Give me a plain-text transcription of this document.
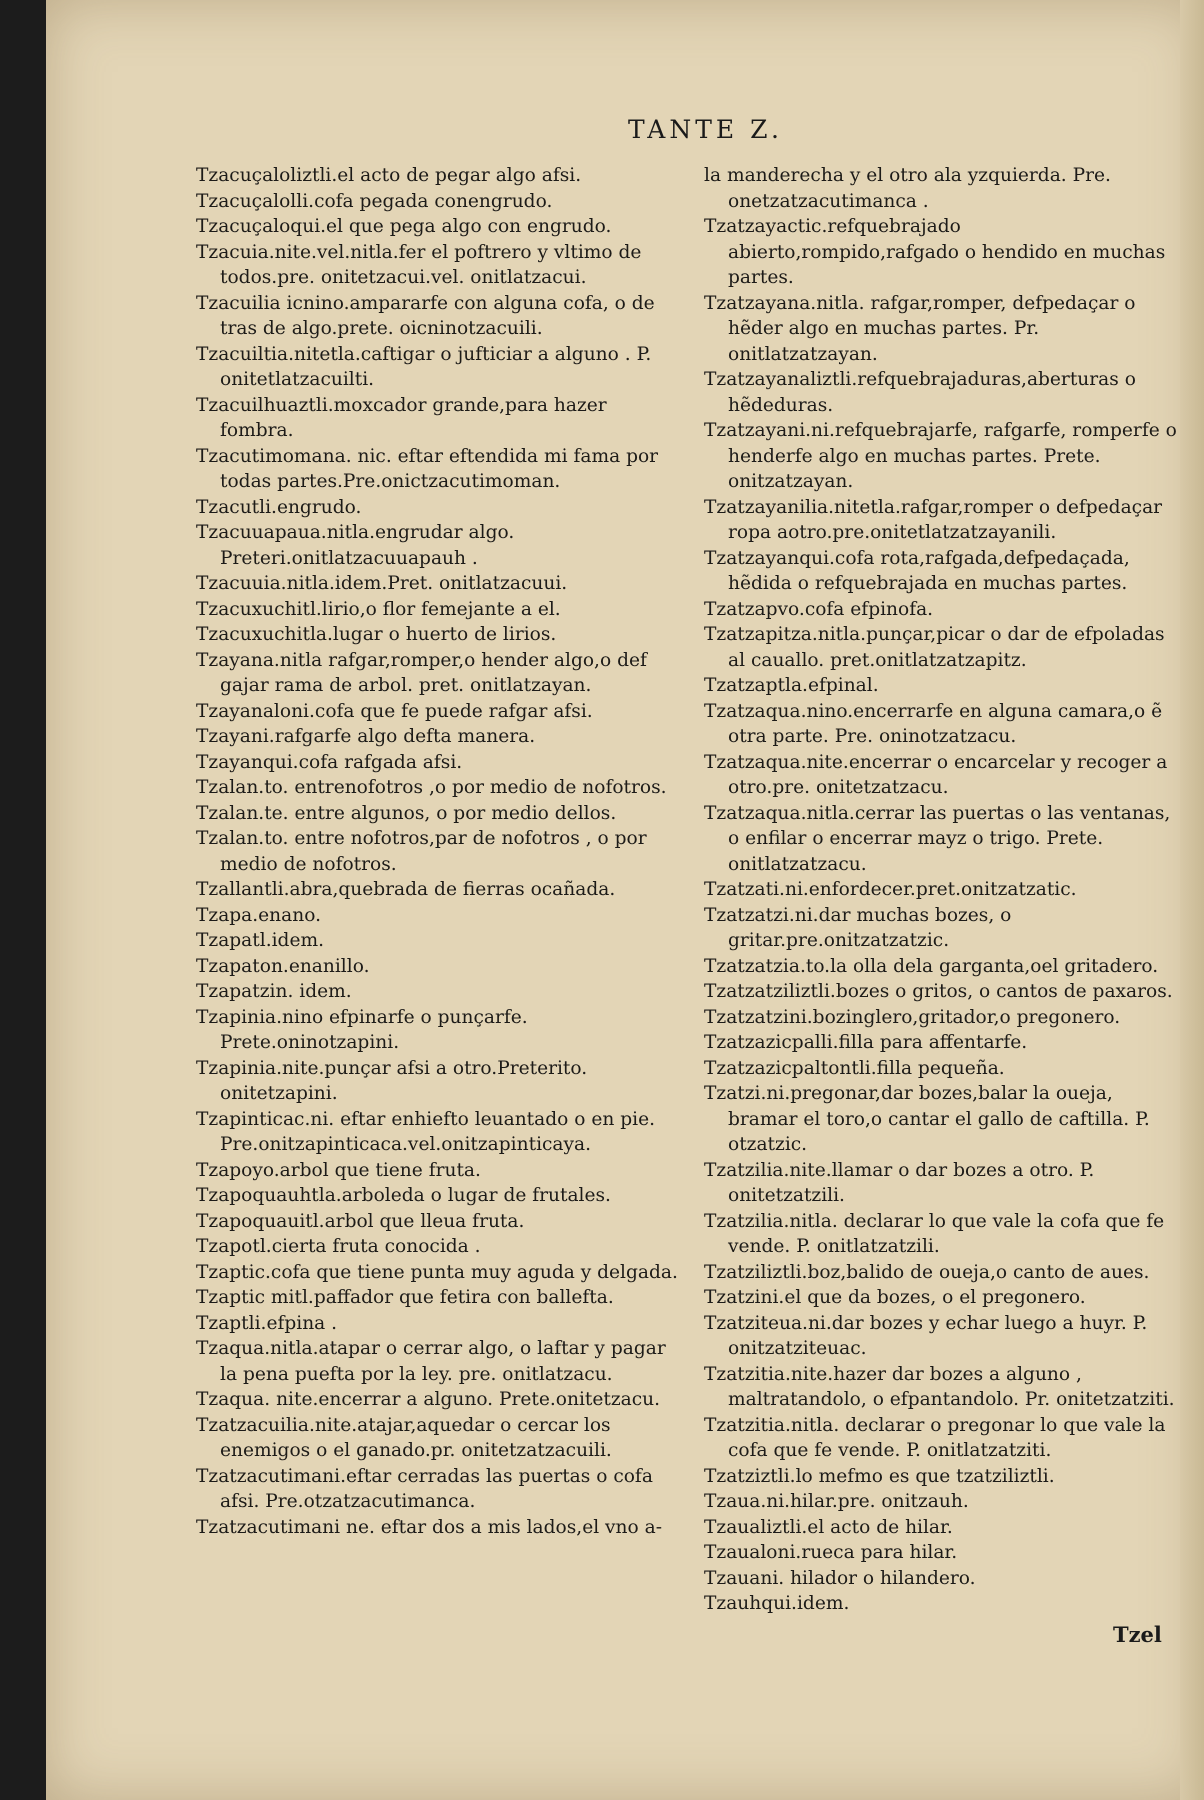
TANTE Z.
Tzacuçaloliztli.el acto de pegar algo afsi.
Tzacuçalolli.cofa pegada conengrudo.
Tzacuçaloqui.el que pega algo con engrudo.
Tzacuia.nite.vel.nitla.fer el poftrero y vltimo de todos.pre. onitetzacui.vel. onitlatzacui.
Tzacuilia icnino.ampararfe con alguna cofa, o de tras de algo.prete. oicninotzacuili.
Tzacuiltia.nitetla.caftigar o jufticiar a alguno . P. onitetlatzacuilti.
Tzacuilhuaztli.moxcador grande,para hazer fombra.
Tzacutimomana. nic. eftar eftendida mi fama por todas partes.Pre.onictzacutimoman.
Tzacutli.engrudo.
Tzacuuapaua.nitla.engrudar algo. Preteri.onitlatzacuuapauh .
Tzacuuia.nitla.idem.Pret. onitlatzacuui.
Tzacuxuchitl.lirio,o flor femejante a el.
Tzacuxuchitla.lugar o huerto de lirios.
Tzayana.nitla rafgar,romper,o hender algo,o def gajar rama de arbol. pret. onitlatzayan.
Tzayanaloni.cofa que fe puede rafgar afsi.
Tzayani.rafgarfe algo defta manera.
Tzayanqui.cofa rafgada afsi.
Tzalan.to. entrenofotros ,o por medio de nofotros.
Tzalan.te. entre algunos, o por medio dellos.
Tzalan.to. entre nofotros,par de nofotros , o por medio de nofotros.
Tzallantli.abra,quebrada de fierras ocañada.
Tzapa.enano.
Tzapatl.idem.
Tzapaton.enanillo.
Tzapatzin. idem.
Tzapinia.nino efpinarfe o punçarfe. Prete.oninotzapini.
Tzapinia.nite.punçar afsi a otro.Preterito. onitetzapini.
Tzapinticac.ni. eftar enhiefto leuantado o en pie. Pre.onitzapinticaca.vel.onitzapinticaya.
Tzapoyo.arbol que tiene fruta.
Tzapoquauhtla.arboleda o lugar de frutales.
Tzapoquauitl.arbol que lleua fruta.
Tzapotl.cierta fruta conocida .
Tzaptic.cofa que tiene punta muy aguda y delgada.
Tzaptic mitl.paffador que fetira con ballefta.
Tzaptli.efpina .
Tzaqua.nitla.atapar o cerrar algo, o laftar y pagar la pena puefta por la ley. pre. onitlatzacu.
Tzaqua. nite.encerrar a alguno. Prete.onitetzacu.
Tzatzacuilia.nite.atajar,aquedar o cercar los enemigos o el ganado.pr. onitetzatzacuili.
Tzatzacutimani.eftar cerradas las puertas o cofa afsi. Pre.otzatzacutimanca.
Tzatzacutimani ne. eftar dos a mis lados,el vno a-
la manderecha y el otro ala yzquierda. Pre. onetzatzacutimanca .
Tzatzayactic.refquebrajado abierto,rompido,rafgado o hendido en muchas partes.
Tzatzayana.nitla. rafgar,romper, defpedaçar o hẽder algo en muchas partes. Pr. onitlatzatzayan.
Tzatzayanaliztli.refquebrajaduras,aberturas o hẽdeduras.
Tzatzayani.ni.refquebrajarfe, rafgarfe, romperfe o henderfe algo en muchas partes. Prete. onitzatzayan.
Tzatzayanilia.nitetla.rafgar,romper o defpedaçar ropa aotro.pre.onitetlatzatzayanili.
Tzatzayanqui.cofa rota,rafgada,defpedaçada, hẽdida o refquebrajada en muchas partes.
Tzatzapvo.cofa efpinofa.
Tzatzapitza.nitla.punçar,picar o dar de efpoladas al cauallo. pret.onitlatzatzapitz.
Tzatzaptla.efpinal.
Tzatzaqua.nino.encerrarfe en alguna camara,o ẽ otra parte. Pre. oninotzatzacu.
Tzatzaqua.nite.encerrar o encarcelar y recoger a otro.pre. onitetzatzacu.
Tzatzaqua.nitla.cerrar las puertas o las ventanas, o enfilar o encerrar mayz o trigo. Prete. onitlatzatzacu.
Tzatzati.ni.enfordecer.pret.onitzatzatic.
Tzatzatzi.ni.dar muchas bozes, o gritar.pre.onitzatzatzic.
Tzatzatzia.to.la olla dela garganta,oel gritadero.
Tzatzatziliztli.bozes o gritos, o cantos de paxaros.
Tzatzatzini.bozinglero,gritador,o pregonero.
Tzatzazicpalli.filla para affentarfe.
Tzatzazicpaltontli.filla pequeña.
Tzatzi.ni.pregonar,dar bozes,balar la oueja, bramar el toro,o cantar el gallo de caftilla. P. otzatzic.
Tzatzilia.nite.llamar o dar bozes a otro. P. onitetzatzili.
Tzatzilia.nitla. declarar lo que vale la cofa que fe vende. P. onitlatzatzili.
Tzatziliztli.boz,balido de oueja,o canto de aues.
Tzatzini.el que da bozes, o el pregonero.
Tzatziteua.ni.dar bozes y echar luego a huyr. P. onitzatziteuac.
Tzatzitia.nite.hazer dar bozes a alguno , maltratandolo, o efpantandolo. Pr. onitetzatziti.
Tzatzitia.nitla. declarar o pregonar lo que vale la cofa que fe vende. P. onitlatzatziti.
Tzatziztli.lo mefmo es que tzatziliztli.
Tzaua.ni.hilar.pre. onitzauh.
Tzaualiztli.el acto de hilar.
Tzaualoni.rueca para hilar.
Tzauani. hilador o hilandero.
Tzauhqui.idem.
Tzel
